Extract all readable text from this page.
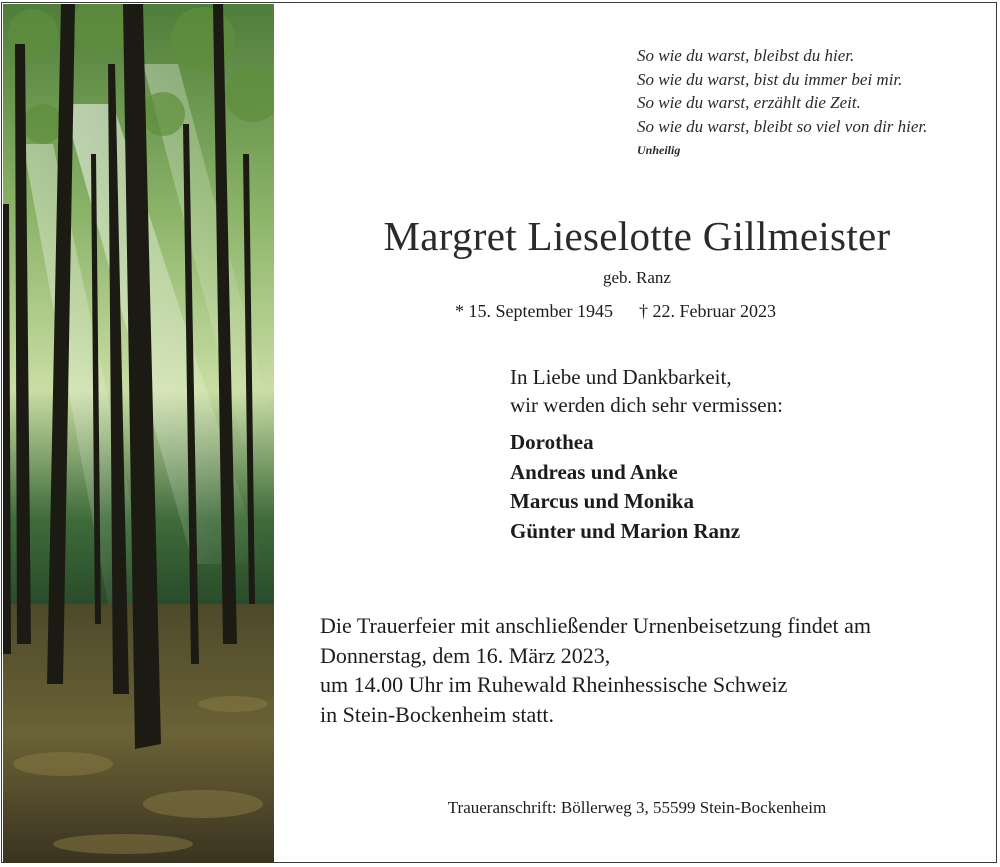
So wie du warst, bleibst du hier.
So wie du warst, bist du immer bei mir.
So wie du warst, erzählt die Zeit.
So wie du warst, bleibt so viel von dir hier.
Unheilig
Margret Lieselotte Gillmeister
geb. Ranz
* 15. September 1945 † 22. Februar 2023
In Liebe und Dankbarkeit,
wir werden dich sehr vermissen:
Dorothea
Andreas und Anke
Marcus und Monika
Günter und Marion Ranz
Die Trauerfeier mit anschließender Urnenbeisetzung findet am
Donnerstag, dem 16. März 2023,
um 14.00 Uhr im Ruhewald Rheinhessische Schweiz
in Stein-Bockenheim statt.
Traueranschrift: Böllerweg 3, 55599 Stein-Bockenheim
